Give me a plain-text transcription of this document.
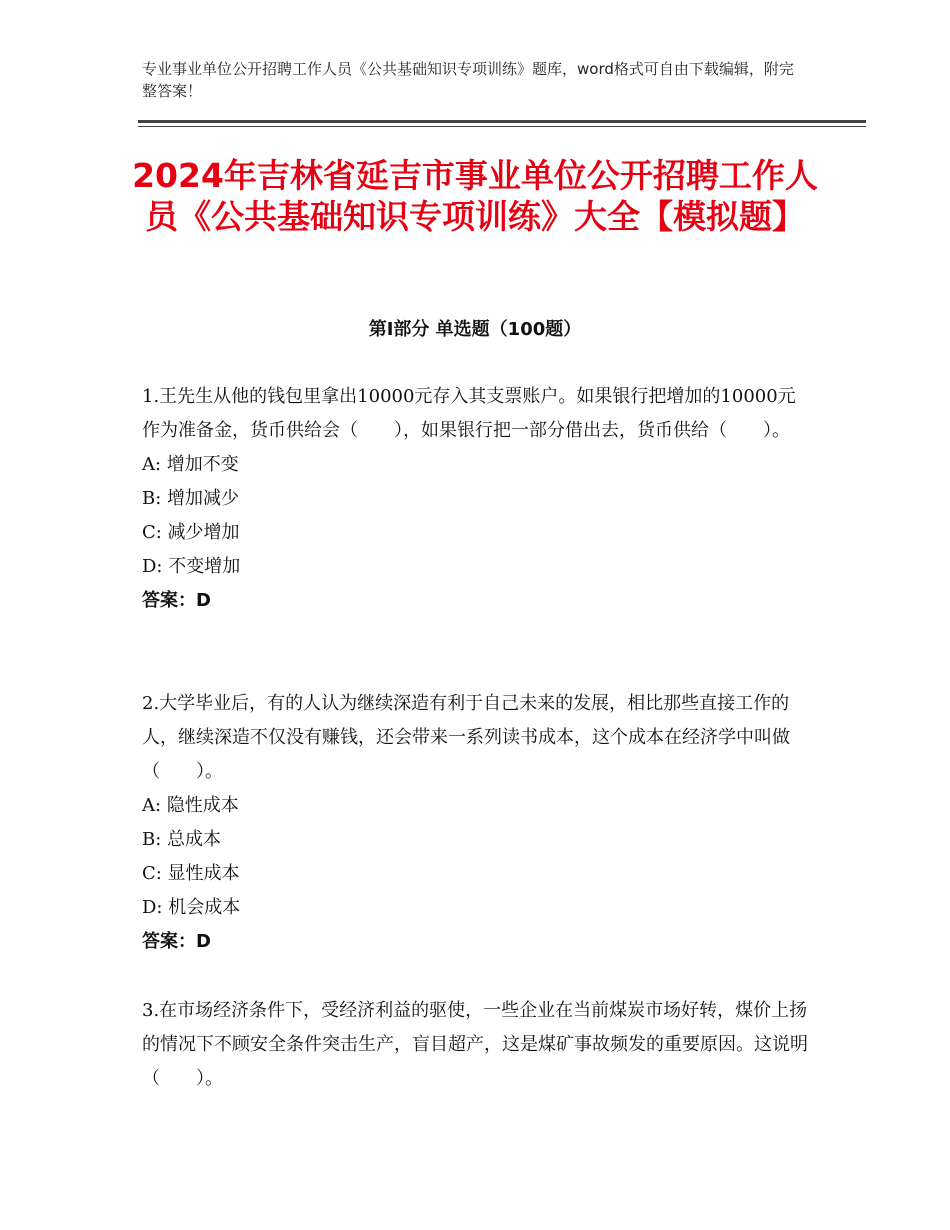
专业事业单位公开招聘工作人员《公共基础知识专项训练》题库，word格式可自由下载编辑，附完整答案！
2024年吉林省延吉市事业单位公开招聘工作人员《公共基础知识专项训练》大全【模拟题】
第Ⅰ部分 单选题（100题）

1.王先生从他的钱包里拿出10000元存入其支票账户。如果银行把增加的10000元作为准备金，货币供给会（　　），如果银行把一部分借出去，货币供给（　　）。

A: 增加不变

B: 增加减少

C: 减少增加

D: 不变增加

答案：D

2.大学毕业后，有的人认为继续深造有利于自己未来的发展，相比那些直接工作的人，继续深造不仅没有赚钱，还会带来一系列读书成本，这个成本在经济学中叫做（　　）。

A: 隐性成本

B: 总成本

C: 显性成本

D: 机会成本

答案：D

3.在市场经济条件下，受经济利益的驱使，一些企业在当前煤炭市场好转，煤价上扬的情况下不顾安全条件突击生产，盲目超产，这是煤矿事故频发的重要原因。这说明（　　）。
